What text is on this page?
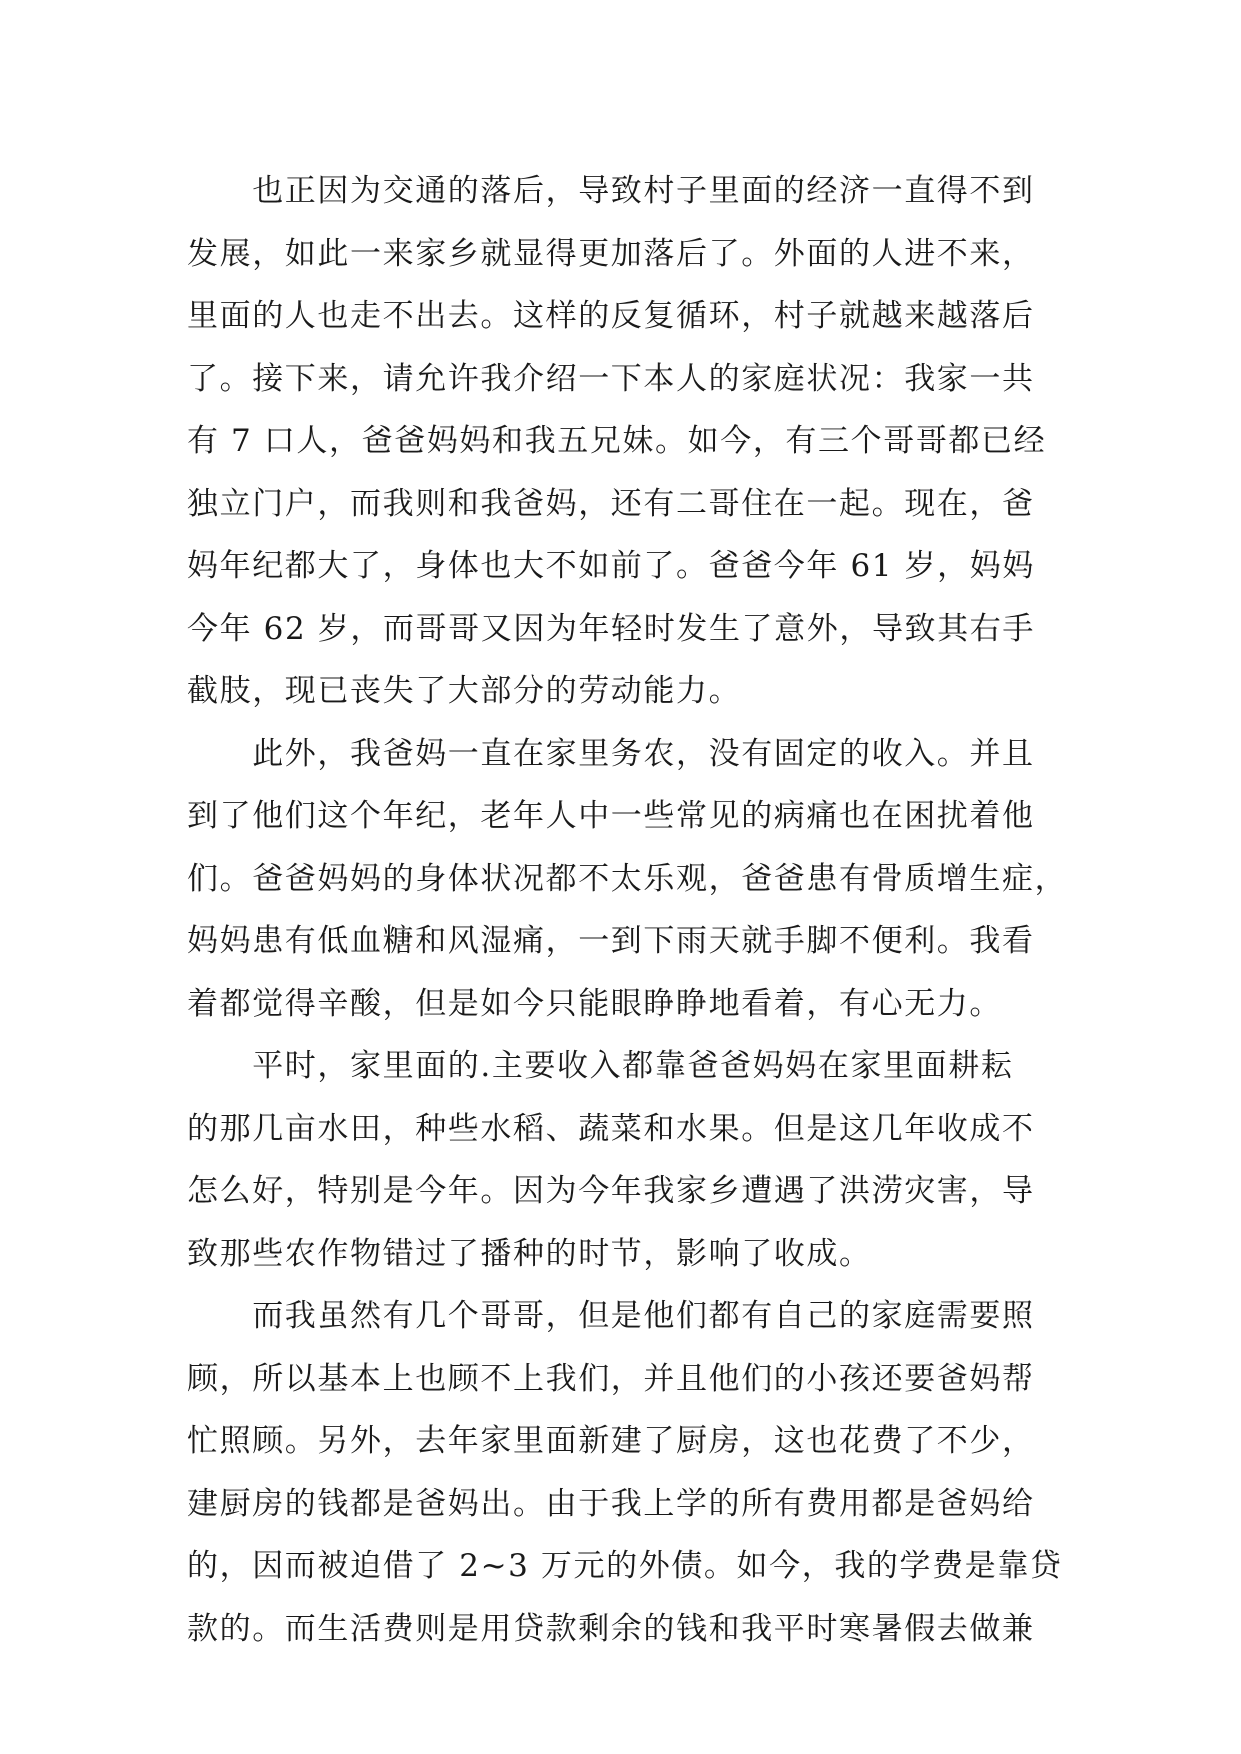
　　也正因为交通的落后，导致村子里面的经济一直得不到
发展，如此一来家乡就显得更加落后了。外面的人进不来，
里面的人也走不出去。这样的反复循环，村子就越来越落后
了。接下来，请允许我介绍一下本人的家庭状况：我家一共
有 7 口人，爸爸妈妈和我五兄妹。如今，有三个哥哥都已经
独立门户，而我则和我爸妈，还有二哥住在一起。现在，爸
妈年纪都大了，身体也大不如前了。爸爸今年 61 岁，妈妈
今年 62 岁，而哥哥又因为年轻时发生了意外，导致其右手
截肢，现已丧失了大部分的劳动能力。
　　此外，我爸妈一直在家里务农，没有固定的收入。并且
到了他们这个年纪，老年人中一些常见的病痛也在困扰着他
们。爸爸妈妈的身体状况都不太乐观，爸爸患有骨质增生症，
妈妈患有低血糖和风湿痛，一到下雨天就手脚不便利。我看
着都觉得辛酸，但是如今只能眼睁睁地看着，有心无力。
　　平时，家里面的.主要收入都靠爸爸妈妈在家里面耕耘
的那几亩水田，种些水稻、蔬菜和水果。但是这几年收成不
怎么好，特别是今年。因为今年我家乡遭遇了洪涝灾害，导
致那些农作物错过了播种的时节，影响了收成。
　　而我虽然有几个哥哥，但是他们都有自己的家庭需要照
顾，所以基本上也顾不上我们，并且他们的小孩还要爸妈帮
忙照顾。另外，去年家里面新建了厨房，这也花费了不少，
建厨房的钱都是爸妈出。由于我上学的所有费用都是爸妈给
的，因而被迫借了 2~3 万元的外债。如今，我的学费是靠贷
款的。而生活费则是用贷款剩余的钱和我平时寒暑假去做兼
